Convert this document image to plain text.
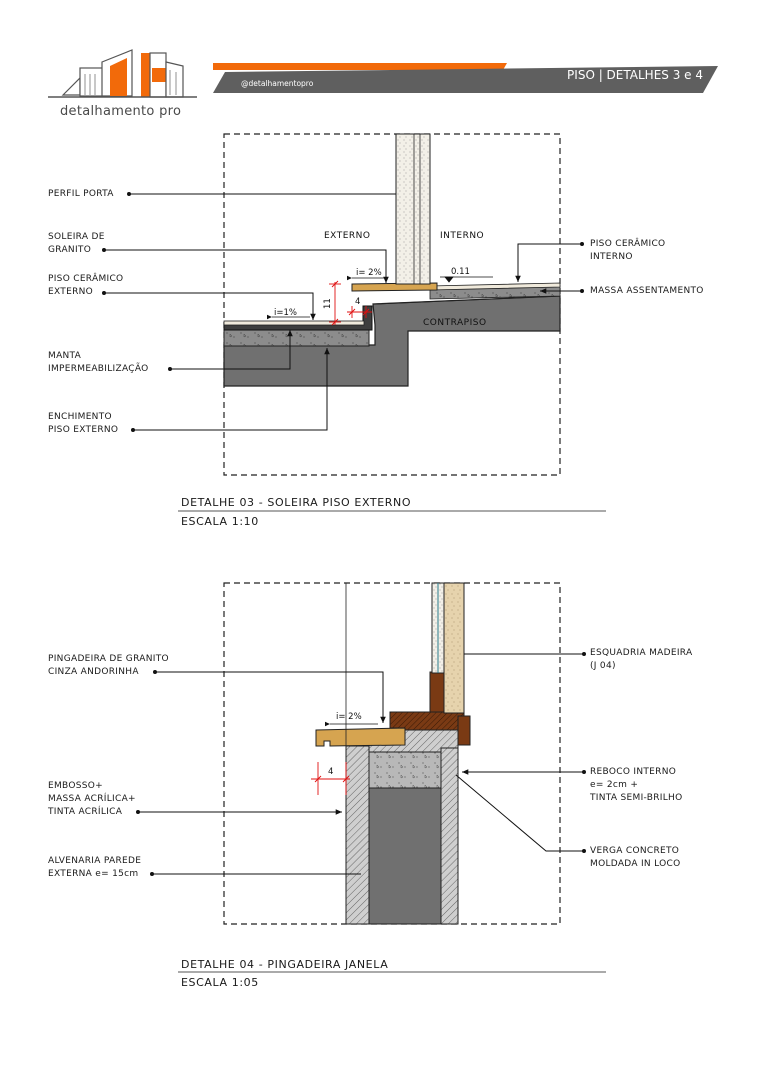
detalhamento pro
@detalhamentopro
PISO | DETALHES 3 e 4
i= 2%
i=1%
0.11
11	4
EXTERNO	INTERNO
CONTRAPISO
i= 2%
4
PERFIL PORTA
SOLEIRA DE
GRANITO
PISO CERÂMICO
EXTERNO
MANTA
IMPERMEABILIZAÇÃO
ENCHIMENTO
PISO EXTERNO
PISO CERÂMICO
INTERNO
MASSA ASSENTAMENTO
DETALHE 03 - SOLEIRA PISO EXTERNO
ESCALA 1:10
PINGADEIRA DE GRANITO
CINZA ANDORINHA
EMBOSSO+
MASSA ACRÍLICA+
TINTA ACRÍLICA
ALVENARIA PAREDE
EXTERNA e= 15cm
ESQUADRIA MADEIRA
(J 04)
REBOCO INTERNO
e= 2cm +
TINTA SEMI-BRILHO
VERGA CONCRETO
MOLDADA IN LOCO
DETALHE 04 - PINGADEIRA JANELA
ESCALA 1:05
